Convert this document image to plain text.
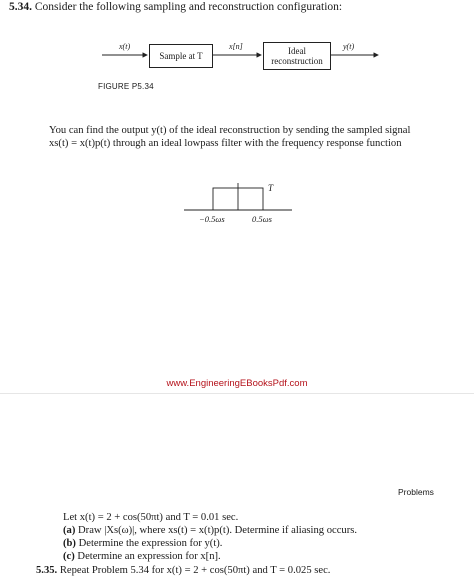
5.34. Consider the following sampling and reconstruction configuration:
x(t)
Sample at T
x[n]	Ideal
reconstruction
y(t)
FIGURE P5.34
You can find the output y(t) of the ideal reconstruction by sending the sampled signal
xs(t) = x(t)p(t) through an ideal lowpass filter with the frequency response function
T
−0.5ωs	0.5ωs
www.EngineeringEBooksPdf.com
Problems
Let x(t) = 2 + cos(50πt) and T = 0.01 sec.
(a) Draw |Xs(ω)|, where xs(t) = x(t)p(t). Determine if aliasing occurs.
(b) Determine the expression for y(t).
(c) Determine an expression for x[n].
5.35. Repeat Problem 5.34 for x(t) = 2 + cos(50πt) and T = 0.025 sec.
